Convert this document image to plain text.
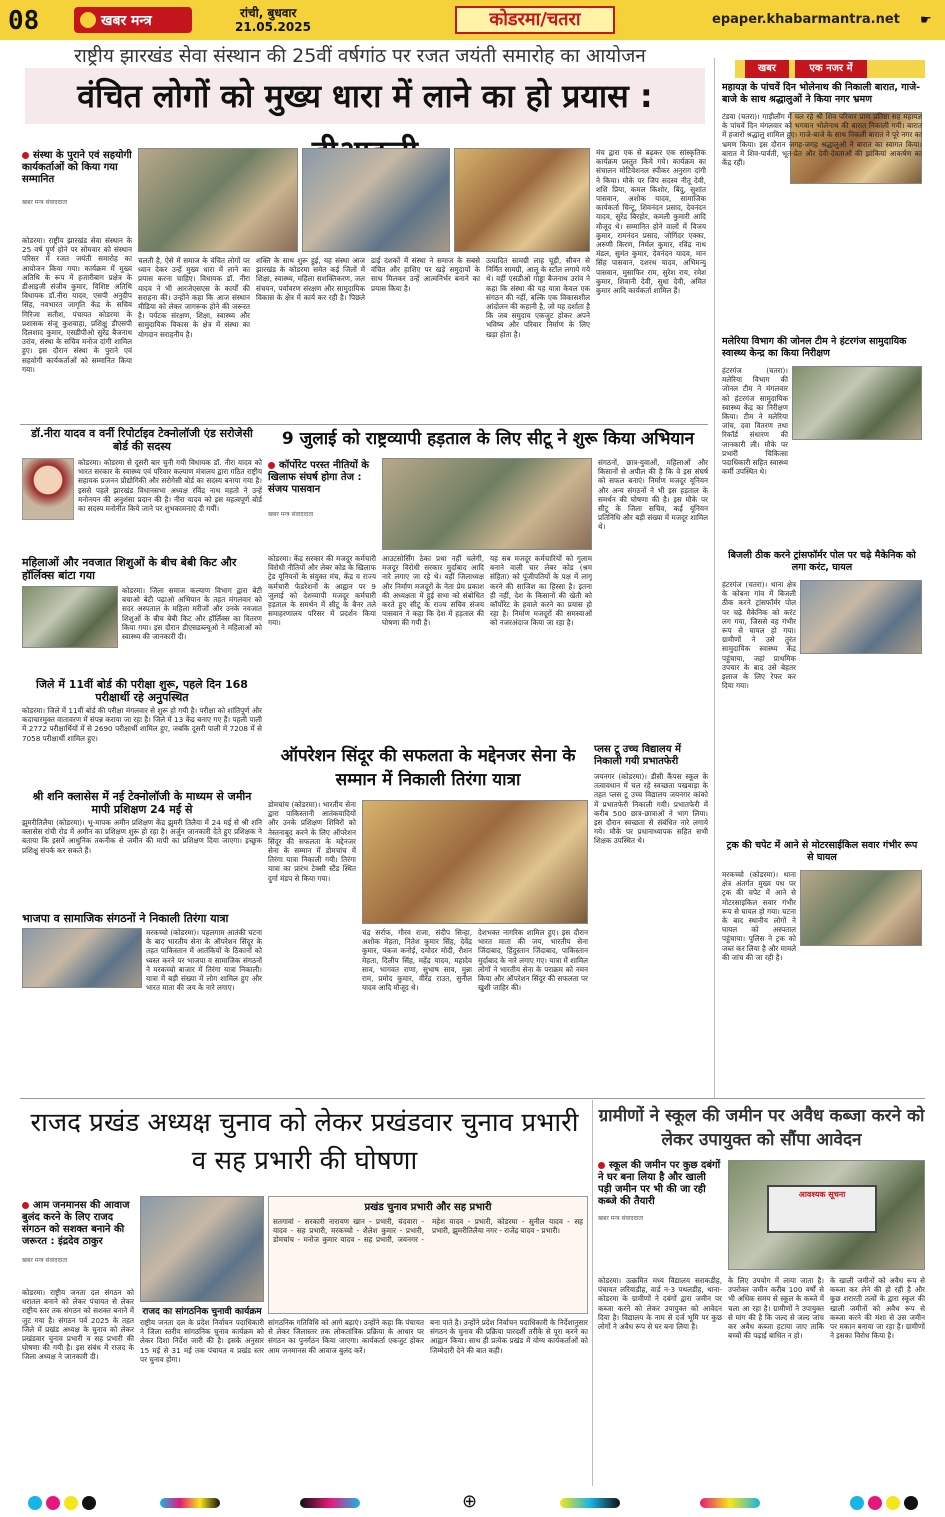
08	खबर मन्त्र	रांची, बुधवार
21.05.2025	कोडरमा/चतरा	epaper.khabarmantra.net ☛
राष्ट्रीय झारखंड सेवा संस्थान की 25वीं वर्षगांठ पर रजत जयंती समारोह का आयोजन
वंचित लोगों को मुख्य धारा में लाने का हो प्रयास :
संस्था के पुराने एवं सहयोगी कार्यकर्ताओं को किया गया सम्मानित
खबर मन्त्र संवाददाता
कोडरमा। राष्ट्रीय झारखंड सेवा संस्थान के 25 वर्ष पूर्ण होने पर सोमवार को संस्थान परिसर में रजत जयंती समारोह का आयोजन किया गया। कार्यक्रम में मुख्य अतिथि के रूप में हजारीबाग प्रक्षेत्र के डीआइजी संजीव कुमार, विशिष्ट अतिथि विधायक डॉ.नीरा यादव, एसपी अनुदीप सिंह, नवभारत जागृति केंद्र के सचिव गिरिजा सतीश, पंचायत कोडरमा के प्रशासक संजू कुशवाहा, प्रशिक्षु डीएसपी दिलशाद कुमार, एसडीपीओ सुरेंद्र बैजनाथ उरांव, संस्था के सचिव मनोज दांगी शामिल हुए। इस दौरान संस्था के पुराने एवं सहयोगी कार्यकर्ताओं को सम्मानित किया गया।
चलती है, ऐसे में समाज के वंचित लोगों पर ध्यान देकर उन्हें मुख्य धारा में लाने का प्रयास करना चाहिए। विधायक डॉ. नीरा यादव ने भी आरजेएसएस के कार्यों की सराहना की। उन्होंने कहा कि आज संस्थान मीडिया को लेकर जागरूक होने की जरूरत है। पर्यटक संरक्षण, शिक्षा, स्वास्थ्य और सामुदायिक विकास के क्षेत्र में संस्था का योगदान सराहनीय है।
शक्ति के साथ शुरू हुई, यह संस्था आज झारखंड के कोडरमा समेत कई जिलों में शिक्षा, स्वास्थ्य, महिला सशक्तिकरण, जल संचयन, पर्यावरण संरक्षण और सामुदायिक विकास के क्षेत्र में कार्य कर रही है। पिछले ढाई दशकों में संस्था ने समाज के सबसे वंचित और हाशिए पर खड़े समुदायों के साथ मिलकर उन्हें आत्मनिर्भर बनाने का प्रयास किया है।
उत्पादित सामग्री लाह चूड़ी, सीवन से निर्मित सामग्री, आलू के स्टॉल लगाये गये थे। वहीं एसडीओ गोड्डा बैजनाथ उरांव ने कहा कि संस्था की यह यात्रा केवल एक संगठन की नहीं, बल्कि एक विकासशील आंदोलन की कहानी है, जो यह दर्शाता है कि जब समुदाय एकजुट होकर अपने भविष्य और परिवार निर्माण के लिए खड़ा होता है।
मंच द्वारा एक से बढ़कर एक सांस्कृतिक कार्यक्रम प्रस्तुत किये गये। कार्यक्रम का संचालन मोटिवेशनल स्पीकर अनुराग दांगी ने किया। मौके पर जिप सदस्य नीतू देवी, शशि प्रिया, कमल किशोर, बिंदु, सुशांत पासवान, अशोक यादव, सामाजिक कार्यकर्ता चिन्टू, शिवनंदन प्रसाद, देवनंदन यादव, सुरेंद्र बिरहोर, कमली कुमारी आदि मौजूद थे। सम्मानित होने वालों में विजय कुमार, रामनंदन प्रसाद, जोगिंदर एक्का, अरुणी किरण, निर्मल कुमार, रविंद्र नाथ मंडल, सुमंत कुमार, देवनंदन यादव, मान सिंह पासवान, दशरथ यादव, अभिमन्यु पासवान, मुसाफिर राम, सुरेश राय, रमेश कुमार, शिवानी देवी, सुधा देवी, अमित कुमार आदि कार्यकर्ता शामिल हैं।
डॉ.नीरा यादव व वर्नी रिपोर्टाइव टेक्नोलॉजी एंड सरोजेसी बोर्ड की सदस्य
कोडरमा। कोडरमा से दूसरी बार चुनी गयी विधायक डॉ. नीरा यादव को भारत सरकार के स्वास्थ्य एवं परिवार कल्याण मंत्रालय द्वारा गठित राष्ट्रीय सहायक प्रजनन प्रौद्योगिकी और सरोगेसी बोर्ड का सदस्य बनाया गया है। इससे पहले झारखंड विधानसभा अध्यक्ष रविंद्र नाथ महतो ने उन्हें मनोनयन की अनुशंसा प्रदान की है। नीरा यादव को इस महत्वपूर्ण बोर्ड का सदस्य मनोनीत किये जाने पर शुभकामनाएं दी गयीं।
महिलाओं और नवजात शिशुओं के बीच बेबी किट और हॉर्लिक्स बांटा गया
कोडरमा। जिला समाज कल्याण विभाग द्वारा बेटी बचाओ बेटी पढ़ाओ अभियान के तहत मंगलवार को सदर अस्पताल के महिला मरीजों और उनके नवजात शिशुओं के बीच बेबी किट और हॉर्लिक्स का वितरण किया गया। इस दौरान डीएसडब्ल्यूओ ने महिलाओं को स्वास्थ्य की जानकारी दी।
जिले में 11वीं बोर्ड की परीक्षा शुरू, पहले दिन 168 परीक्षार्थी रहे अनुपस्थित
कोडरमा। जिले में 11वीं बोर्ड की परीक्षा मंगलवार से शुरू हो गयी है। परीक्षा को शांतिपूर्ण और कदाचारमुक्त वातावरण में संपन्न कराया जा रहा है। जिले में 13 केंद्र बनाए गए हैं। पहली पाली में 2772 परीक्षार्थियों में से 2690 परीक्षार्थी शामिल हुए, जबकि दूसरी पाली में 7208 में से 7058 परीक्षार्थी शामिल हुए।
श्री शनि क्लासेस में नई टेक्नोलॉजी के माध्यम से जमीन मापी प्रशिक्षण 24 मई से
झुमरीतिलैया (कोडरमा)। भू-मापक अमीन प्रशिक्षण केंद्र झुमरी तिलैया में 24 मई से श्री शनि क्लासेस रांची रोड में अमीन का प्रशिक्षण शुरू हो रहा है। अर्जुन जानकारी देते हुए प्रशिक्षक ने बताया कि इसमें आधुनिक तकनीक से जमीन की मापी का प्रशिक्षण दिया जाएगा। इच्छुक प्रशिक्षु संपर्क कर सकते हैं।
भाजपा व सामाजिक संगठनों ने निकाली तिरंगा यात्रा
मरकच्चो (कोडरमा)। पहलगाम आतंकी घटना के बाद भारतीय सेना के ऑपरेशन सिंदूर के तहत पाकिस्तान में आतंकियों के ठिकानों को ध्वस्त करने पर भाजपा व सामाजिक संगठनों ने मरकच्चो बाजार में तिरंगा यात्रा निकाली। यात्रा में बड़ी संख्या में लोग शामिल हुए और भारत माता की जय के नारे लगाए।
9 जुलाई को राष्ट्रव्यापी हड़ताल के लिए सीटू ने शुरू किया अभियान
कॉर्पोरेट परस्त नीतियों के खिलाफ संघर्ष होगा तेज : संजय पासवान
खबर मन्त्र संवाददाता
कोडरमा। केंद्र सरकार की मजदूर कर्मचारी विरोधी नीतियों और लेबर कोड के खिलाफ ट्रेड यूनियनों के संयुक्त मंच, केंद्र व राज्य कर्मचारी फेडरेशनों के आह्वान पर 9 जुलाई को देशव्यापी मजदूर कर्मचारी हड़ताल के समर्थन में सीटू के बैनर तले समाहरणालय परिसर में प्रदर्शन किया गया।
आउटसोर्सिंग ठेका प्रथा नहीं चलेगी, मजदूर विरोधी सरकार मुर्दाबाद आदि नारे लगाए जा रहे थे। वहीं जिलाध्यक्ष और निर्माण मजदूरों के नेता प्रेम प्रकाश की अध्यक्षता में हुई सभा को संबोधित करते हुए सीटू के राज्य सचिव संजय पासवान ने कहा कि देश में हड़ताल की घोषणा की गयी है।
यह सब मजदूर कर्मचारियों को गुलाम बनाने वाली चार लेबर कोड (श्रम संहिता) को पूंजीपतियों के पक्ष में लागू करने की साजिश का हिस्सा है। इतना ही नहीं, देश के किसानों की खेती को कॉर्पोरेट के हवाले करने का प्रयास हो रहा है। निर्माण मजदूरों की समस्याओं को नजरअंदाज किया जा रहा है।
संगठनों, छात्र-युवाओं, महिलाओं और किसानों से अपील की है कि वे इस संघर्ष को सफल बनाएं। निर्माण मजदूर यूनियन और अन्य संगठनों ने भी इस हड़ताल के समर्थन की घोषणा की है। इस मौके पर सीटू के जिला सचिव, कई यूनियन प्रतिनिधि और बड़ी संख्या में मजदूर शामिल थे।
ऑपरेशन सिंदूर की सफलता के मद्देनजर सेना के सम्मान में निकाली तिरंगा यात्रा
डोमचांच (कोडरमा)। भारतीय सेना द्वारा पाकिस्तानी आतंकवादियों और उनके प्रशिक्षण शिविरों को नेस्तनाबूद करने के लिए ऑपरेशन सिंदूर की सफलता के मद्देनजर सेना के सम्मान में डोमचांच में तिरंगा यात्रा निकाली गयी। तिरंगा यात्रा का प्रारंभ टेक्सी स्टैंड स्थित दुर्गा मंडप से किया गया।
चंद्र सर्राफ, गौरव राजा, संदीप सिन्हा, अशोक मेहता, नितेश कुमार सिंह, देवेंद्र कुमार, पंकज कनोई, दमोदर मोदी, रौशन मेहता, दिलीप सिंह, महेंद्र यादव, महादेव साव, भागवत राणा, सुभाष साव, मुन्ना राम, प्रमोद कुमार, वीरेंद्र राउत, सुनील यादव आदि मौजूद थे।
देशभक्त नागरिक शामिल हुए। इस दौरान भारत माता की जय, भारतीय सेना जिंदाबाद, हिंदुस्तान जिंदाबाद, पाकिस्तान मुर्दाबाद के नारे लगाए गए। यात्रा में शामिल लोगों ने भारतीय सेना के पराक्रम को नमन किया और ऑपरेशन सिंदूर की सफलता पर खुशी जाहिर की।
प्लस टू उच्च विद्यालय में निकाली गयी प्रभातफेरी
जयनगर (कोडरमा)। डीसी कैंपस स्कूल के तत्वावधान में चल रहे स्वच्छता पखवाड़ा के तहत प्लस टू उच्च विद्यालय जयनगर कांको में प्रभातफेरी निकाली गयी। प्रभातफेरी में करीब 500 छात्र-छात्राओं ने भाग लिया। इस दौरान स्वच्छता से संबंधित नारे लगाये गये। मौके पर प्रधानाध्यापक सहित सभी शिक्षक उपस्थित थे।
खबर	एक नजर में
महायज्ञ के पांचवें दिन भोलेनाथ की निकाली बारात, गाजे-बाजे के साथ श्रद्धालुओं ने किया नगर भ्रमण
टंडवा (चतरा)। गाड़ीलौंग में चल रहे श्री शिव परिवार प्राण प्रतिष्ठा सह महायज्ञ के पांचवें दिन मंगलवार को भगवान भोलेनाथ की बारात निकाली गयी। बारात में हजारों श्रद्धालु शामिल हुए। गाजे-बाजे के साथ निकली बारात ने पूरे नगर का भ्रमण किया। इस दौरान जगह-जगह श्रद्धालुओं ने बारात का स्वागत किया। बारात में शिव-पार्वती, भूत-प्रेत और देवी-देवताओं की झांकियां आकर्षण का केंद्र रहीं।
मलेरिया विभाग की जोनल टीम ने हंटरगंज सामुदायिक स्वास्थ्य केन्द्र का किया निरीक्षण
हंटरगंज (चतरा)। मलेरिया विभाग की जोनल टीम ने मंगलवार को हंटरगंज सामुदायिक स्वास्थ्य केंद्र का निरीक्षण किया। टीम ने मलेरिया जांच, दवा वितरण तथा रिकॉर्ड संधारण की जानकारी ली। मौके पर प्रभारी चिकित्सा पदाधिकारी सहित स्वास्थ्य कर्मी उपस्थित थे।
बिजली ठीक करने ट्रांसफॉर्मर पोल पर चढ़े मैकेनिक को लगा करंट, घायल
हंटरगंज (चतरा)। थाना क्षेत्र के कोबना गांव में बिजली ठीक करने ट्रांसफॉर्मर पोल पर चढ़े मैकेनिक को करंट लग गया, जिससे वह गंभीर रूप से घायल हो गया। ग्रामीणों ने उसे तुरंत सामुदायिक स्वास्थ्य केंद्र पहुंचाया, जहां प्राथमिक उपचार के बाद उसे बेहतर इलाज के लिए रेफर कर दिया गया।
ट्रक की चपेट में आने से मोटरसाईकिल सवार गंभीर रूप से घायल
मरकच्चो (कोडरमा)। थाना क्षेत्र अंतर्गत मुख्य पथ पर ट्रक की चपेट में आने से मोटरसाइकिल सवार गंभीर रूप से घायल हो गया। घटना के बाद स्थानीय लोगों ने घायल को अस्पताल पहुंचाया। पुलिस ने ट्रक को जब्त कर लिया है और मामले की जांच की जा रही है।
राजद प्रखंड अध्यक्ष चुनाव को लेकर प्रखंडवार चुनाव प्रभारी व सह प्रभारी की घोषणा
आम जनमानस की आवाज बुलंद करने के लिए राजद संगठन को सशक्त बनाने की जरूरत : इंद्रदेव ठाकुर
खबर मन्त्र संवाददाता
कोडरमा। राष्ट्रीय जनता दल संगठन को धरातल बनाने को लेकर पंचायत से लेकर राष्ट्रीय स्तर तक संगठन को सशक्त बनाने में जुट गया है। संगठन पर्व 2025 के तहत जिले में प्रखंड अध्यक्ष के चुनाव को लेकर प्रखंडवार चुनाव प्रभारी व सह प्रभारी की घोषणा की गयी है। इस संबंध में राजद के जिला अध्यक्ष ने जानकारी दी।
राजद का सांगठनिक चुनावी कार्यक्रम
राष्ट्रीय जनता दल के प्रदेश निर्वाचन पदाधिकारी ने जिला स्तरीय सांगठनिक चुनाव कार्यक्रम को लेकर दिशा निर्देश जारी की है। इसके अनुसार 15 मई से 31 मई तक पंचायत व प्रखंड स्तर पर चुनाव होगा।
प्रखंड चुनाव प्रभारी और सह प्रभारी
सतगावां - सरकारी नारायण खान - प्रभारी, चंदवारा - यादव - सह प्रभारी, मरकच्चो - शैलेश कुमार - प्रभारी, डोमचांच - मनोज कुमार यादव - सह प्रभारी, जयनगर - महेश यादव - प्रभारी, कोडरमा - सुनील यादव - सह प्रभारी, झुमरीतिलैया नगर - राजेंद्र यादव - प्रभारी।
सांगठनिक गतिविधि को आगे बढ़ाएं। उन्होंने कहा कि पंचायत से लेकर जिलास्तर तक लोकतांत्रिक प्रक्रिया के आधार पर संगठन का पुनर्गठन किया जाएगा। कार्यकर्ता एकजुट होकर आम जनमानस की आवाज बुलंद करें।
बना पाते है। उन्होंने प्रदेश निर्वाचन पदाधिकारी के निर्देशानुसार संगठन के चुनाव की प्रक्रिया पारदर्शी तरीके से पूरा करने का आह्वान किया। साथ ही प्रत्येक प्रखंड में योग्य कार्यकर्ताओं को जिम्मेदारी देने की बात कही।
ग्रामीणों ने स्कूल की जमीन पर अवैध कब्जा करने को लेकर उपायुक्त को सौंपा आवेदन
स्कूल की जमीन पर कुछ दबंगों ने घर बना लिया है और खाली पड़ी जमीन पर भी की जा रही कब्जे की तैयारी
खबर मन्त्र संवाददाता
आवश्यक सूचना
कोडरमा। उत्क्रमित मध्य विद्यालय सराकडीह, पंचायत लरियाडीह, वार्ड न-3 पथलडीह, थाना-कोडरमा के ग्रामीणों ने दबंगों द्वारा जमीन पर कब्जा करने को लेकर उपायुक्त को आवेदन दिया है। विद्यालय के नाम से दर्ज भूमि पर कुछ लोगों ने अवैध रूप से घर बना लिया है।
के लिए उपयोग में लाया जाता है। उपरोक्त जमीन करीब 100 वर्षों से भी अधिक समय से स्कूल के कब्जे में चला आ रहा है। ग्रामीणों ने उपायुक्त से मांग की है कि जल्द से जल्द जांच कर अवैध कब्जा हटाया जाए ताकि बच्चों की पढ़ाई बाधित न हो।
के खाली जमीनों को अवैध रूप से कब्जा कर लेने की हो रही है और कुछ शरारती तत्वों के द्वारा स्कूल की खाली जमीनों को अवैध रूप से कब्जा करने की मंशा से उस जमीन पर मकान बनाया जा रहा है। ग्रामीणों ने इसका विरोध किया है।
⊕
